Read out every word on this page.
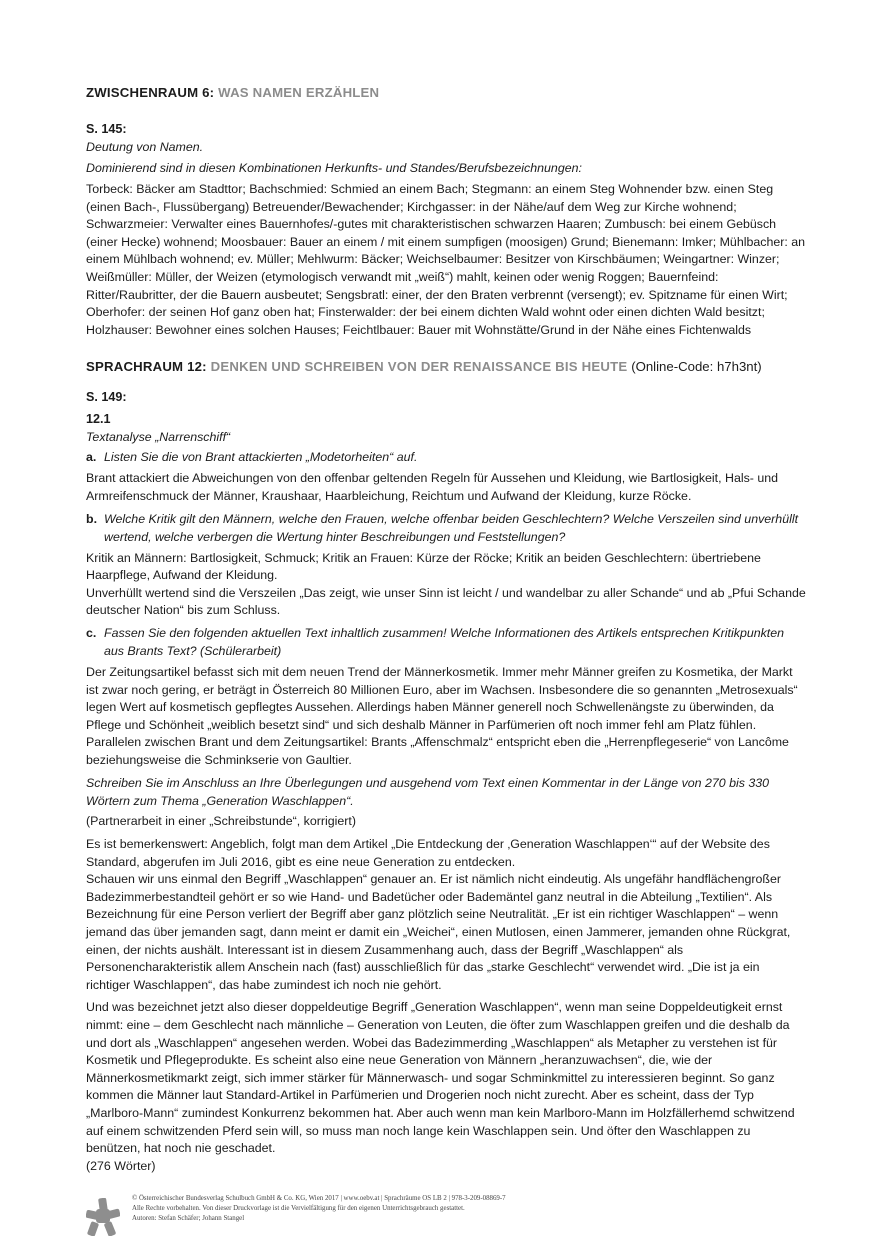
ZWISCHENRAUM 6: WAS NAMEN ERZÄHLEN

S. 145:

Deutung von Namen.

Dominierend sind in diesen Kombinationen Herkunfts- und Standes/Berufsbezeichnungen:

Torbeck: Bäcker am Stadttor; Bachschmied: Schmied an einem Bach; Stegmann: an einem Steg Wohnender bzw. einen Steg (einen Bach-, Flussübergang) Betreuender/Bewachender; Kirchgasser: in der Nähe/auf dem Weg zur Kirche wohnend; Schwarzmeier: Verwalter eines Bauernhofes/-gutes mit charakteristischen schwarzen Haaren; Zumbusch: bei einem Gebüsch (einer Hecke) wohnend; Moosbauer: Bauer an einem / mit einem sumpfigen (moosigen) Grund; Bienemann: Imker; Mühlbacher: an einem Mühlbach wohnend; ev. Müller; Mehlwurm: Bäcker; Weichselbaumer: Besitzer von Kirschbäumen; Weingartner: Winzer; Weißmüller: Müller, der Weizen (etymologisch verwandt mit „weiß“) mahlt, keinen oder wenig Roggen; Bauernfeind: Ritter/Raubritter, der die Bauern ausbeutet; Sengsbratl: einer, der den Braten verbrennt (versengt); ev. Spitzname für einen Wirt; Oberhofer: der seinen Hof ganz oben hat; Finsterwalder: der bei einem dichten Wald wohnt oder einen dichten Wald besitzt; Holzhauser: Bewohner eines solchen Hauses; Feichtlbauer: Bauer mit Wohnstätte/Grund in der Nähe eines Fichtenwalds

SPRACHRAUM 12: DENKEN UND SCHREIBEN VON DER RENAISSANCE BIS HEUTE (Online-Code: h7h3nt)

S. 149:

12.1

Textanalyse „Narrenschiff“

a. Listen Sie die von Brant attackierten „Modetorheiten“ auf.

Brant attackiert die Abweichungen von den offenbar geltenden Regeln für Aussehen und Kleidung, wie Bartlosigkeit, Hals- und Armreifenschmuck der Männer, Kraushaar, Haarbleichung, Reichtum und Aufwand der Kleidung, kurze Röcke.

b. Welche Kritik gilt den Männern, welche den Frauen, welche offenbar beiden Geschlechtern? Welche Verszeilen sind unverhüllt wertend, welche verbergen die Wertung hinter Beschreibungen und Feststellungen?

Kritik an Männern: Bartlosigkeit, Schmuck; Kritik an Frauen: Kürze der Röcke; Kritik an beiden Geschlechtern: übertriebene Haarpflege, Aufwand der Kleidung.

Unverhüllt wertend sind die Verszeilen „Das zeigt, wie unser Sinn ist leicht / und wandelbar zu aller Schande“ und ab „Pfui Schande deutscher Nation“ bis zum Schluss.

c. Fassen Sie den folgenden aktuellen Text inhaltlich zusammen! Welche Informationen des Artikels entsprechen Kritikpunkten aus Brants Text? (Schülerarbeit)

Der Zeitungsartikel befasst sich mit dem neuen Trend der Männerkosmetik. Immer mehr Männer greifen zu Kosmetika, der Markt ist zwar noch gering, er beträgt in Österreich 80 Millionen Euro, aber im Wachsen. Insbesondere die so genannten „Metrosexuals“ legen Wert auf kosmetisch gepflegtes Aussehen. Allerdings haben Männer generell noch Schwellenängste zu überwinden, da Pflege und Schönheit „weiblich besetzt sind“ und sich deshalb Männer in Parfümerien oft noch immer fehl am Platz fühlen.

Parallelen zwischen Brant und dem Zeitungsartikel: Brants „Affenschmalz“ entspricht eben die „Herrenpflegeserie“ von Lancôme beziehungsweise die Schminkserie von Gaultier.

Schreiben Sie im Anschluss an Ihre Überlegungen und ausgehend vom Text einen Kommentar in der Länge von 270 bis 330 Wörtern zum Thema „Generation Waschlappen“.

(Partnerarbeit in einer „Schreibstunde“, korrigiert)

Es ist bemerkenswert: Angeblich, folgt man dem Artikel „Die Entdeckung der ‚Generation Waschlappen‘“ auf der Website des Standard, abgerufen im Juli 2016, gibt es eine neue Generation zu entdecken.

Schauen wir uns einmal den Begriff „Waschlappen“ genauer an. Er ist nämlich nicht eindeutig. Als ungefähr handflächengroßer Badezimmerbestandteil gehört er so wie Hand- und Badetücher oder Bademäntel ganz neutral in die Abteilung „Textilien“. Als Bezeichnung für eine Person verliert der Begriff aber ganz plötzlich seine Neutralität. „Er ist ein richtiger Waschlappen“ – wenn jemand das über jemanden sagt, dann meint er damit ein „Weichei“, einen Mutlosen, einen Jammerer, jemanden ohne Rückgrat, einen, der nichts aushält. Interessant ist in diesem Zusammenhang auch, dass der Begriff „Waschlappen“ als Personencharakteristik allem Anschein nach (fast) ausschließlich für das „starke Geschlecht“ verwendet wird. „Die ist ja ein richtiger Waschlappen“, das habe zumindest ich noch nie gehört.

Und was bezeichnet jetzt also dieser doppeldeutige Begriff „Generation Waschlappen“, wenn man seine Doppeldeutigkeit ernst nimmt: eine – dem Geschlecht nach männliche – Generation von Leuten, die öfter zum Waschlappen greifen und die deshalb da und dort als „Waschlappen“ angesehen werden. Wobei das Badezimmerding „Waschlappen“ als Metapher zu verstehen ist für Kosmetik und Pflegeprodukte. Es scheint also eine neue Generation von Männern „heranzuwachsen“, die, wie der Männerkosmetikmarkt zeigt, sich immer stärker für Männerwasch- und sogar Schminkmittel zu interessieren beginnt. So ganz kommen die Männer laut Standard-Artikel in Parfümerien und Drogerien noch nicht zurecht. Aber es scheint, dass der Typ „Marlboro-Mann“ zumindest Konkurrenz bekommen hat. Aber auch wenn man kein Marlboro-Mann im Holzfällerhemd schwitzend auf einem schwitzenden Pferd sein will, so muss man noch lange kein Waschlappen sein. Und öfter den Waschlappen zu benützen, hat noch nie geschadet.

(276 Wörter)

© Österreichischer Bundesverlag Schulbuch GmbH & Co. KG, Wien 2017 | www.oebv.at | Sprachräume OS LB 2 | 978-3-209-08869-7
Alle Rechte vorbehalten. Von dieser Druckvorlage ist die Vervielfältigung für den eigenen Unterrichtsgebrauch gestattet.
Autoren: Stefan Schäfer; Johann Stangel
